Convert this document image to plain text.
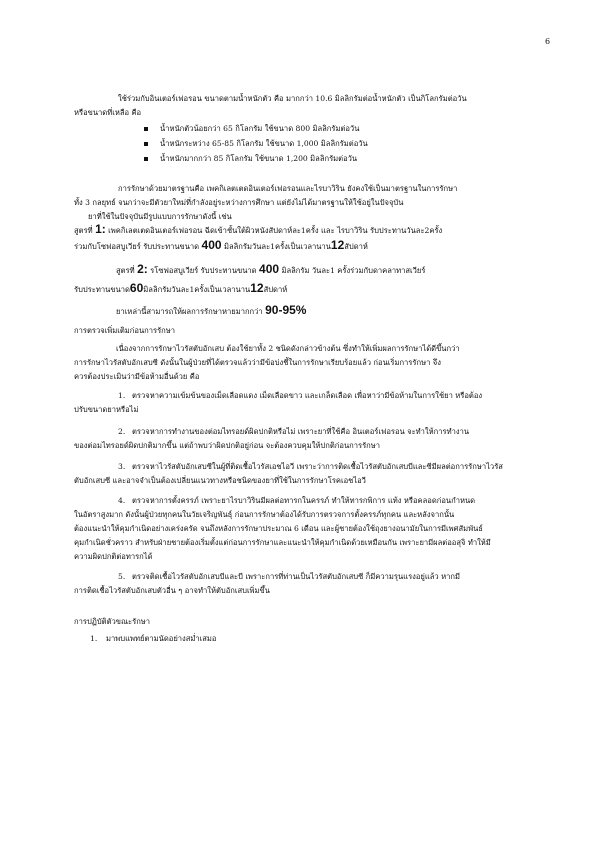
6
ใช้ร่วมกับอินเตอร์เฟอรอน ขนาดตามน้ำหนักตัว คือ มากกว่า 10.6 มิลลิกรัมต่อน้ำหนักตัว เป็นกิโลกรัมต่อวัน
หรือขนาดที่เหลือ คือ
น้ำหนักตัวน้อยกว่า 65 กิโลกรัม ใช้ขนาด 800 มิลลิกรัมต่อวัน
น้ำหนักระหว่าง 65-85 กิโลกรัม ใช้ขนาด 1,000 มิลลิกรัมต่อวัน
น้ำหนักมากกว่า 85 กิโลกรัม ใช้ขนาด 1,200 มิลลิกรัมต่อวัน
การรักษาด้วยมาตรฐานคือ เพคกิเลตเตดอินเตอร์เฟอรอนและไรบาวิริน ยังคงใช้เป็นมาตรฐานในการรักษา
ทั้ง 3 กลยุทธ์ จนกว่าจะมีตัวยาใหม่ที่กำลังอยู่ระหว่างการศึกษา แต่ยังไม่ได้มาตรฐานให้ใช้อยู่ในปัจจุบัน
ยาที่ใช้ในปัจจุบันมีรูปแบบการรักษาดังนี้ เช่น
สูตรที่ 1: เพคกิเลตเตดอินเตอร์เฟอรอน ฉีดเข้าชั้นใต้ผิวหนังสัปดาห์ละ1ครั้ง และ ไรบาวิริน รับประทานวันละ2ครั้ง
ร่วมกับโซฟอสบูเวียร์ รับประทานขนาด 400 มิลลิกรัมวันละ1ครั้งเป็นเวลานาน12สัปดาห์
สูตรที่ 2: รโซฟอสบูเวียร์ รับประทานขนาด 400 มิลลิกรัม วันละ1 ครั้งร่วมกับดาคลาทาสเวียร์
รับประทานขนาด60มิลลิกรัมวันละ1ครั้งเป็นเวลานาน12สัปดาห์
ยาเหล่านี้สามารถให้ผลการรักษาหายมากกว่า 90-95%
การตรวจเพิ่มเติมก่อนการรักษา
เนื่องจากการรักษาไวรัสตับอักเสบ ต้องใช้ยาทั้ง 2 ชนิดดังกล่าวข้างต้น ซึ่งทำให้เพิ่มผลการรักษาได้ดีขึ้นกว่า
การรักษาไวรัสตับอักเสบซี ดังนั้นในผู้ป่วยที่ได้ตรวจแล้วว่ามีข้อบ่งชี้ในการรักษาเรียบร้อยแล้ว ก่อนเริ่มการรักษา จึง
ควรต้องประเมินว่ามีข้อห้ามอื่นด้วย คือ
1. ตรวจหาความเข้มข้นของเม็ดเลือดแดง เม็ดเลือดขาว และเกล็ดเลือด เพื่อหาว่ามีข้อห้ามในการใช้ยา หรือต้อง
ปรับขนาดยาหรือไม่
2. ตรวจหาการทำงานของต่อมไทรอยด์ผิดปกติหรือไม่ เพราะยาที่ใช้คือ อินเตอร์เฟอรอน จะทำให้การทำงาน
ของต่อมไทรอยด์ผิดปกติมากขึ้น แต่ถ้าพบว่าผิดปกติอยู่ก่อน จะต้องควบคุมให้ปกติก่อนการรักษา
3. ตรวจหาไวรัสตับอักเสบซีในผู้ที่ติดเชื้อไวรัสเอชไอวี เพราะว่าการติดเชื้อไวรัสตับอักเสบบีและซีมีผลต่อการรักษาไวรัส
ตับอักเสบซี และอาจจำเป็นต้องเปลี่ยนแนวทางหรือชนิดของยาที่ใช้ในการรักษาโรคเอชไอวี
4. ตรวจหาการตั้งครรภ์ เพราะยาไรบาวิรินมีผลต่อทารกในครรภ์ ทำให้ทารกพิการ แท้ง หรือคลอดก่อนกำหนด
ในอัตราสูงมาก ดังนั้นผู้ป่วยทุกคนในวัยเจริญพันธุ์ ก่อนการรักษาต้องได้รับการตรวจการตั้งครรภ์ทุกคน และหลังจากนั้น
ต้องแนะนำให้คุมกำเนิดอย่างเคร่งครัด จนถึงหลังการรักษาประมาณ 6 เดือน และผู้ชายต้องใช้ถุงยางอนามัยในการมีเพศสัมพันธ์
คุมกำเนิดชั่วคราว สำหรับฝ่ายชายต้องเริ่มตั้งแต่ก่อนการรักษาและแนะนำให้คุมกำเนิดด้วยเหมือนกัน เพราะยามีผลต่ออสุจิ ทำให้มี
ความผิดปกติต่อทารกได้
5. ตรวจติดเชื้อไวรัสตับอักเสบบีและบี เพราะการที่ท่านเป็นไวรัสตับอักเสบซี ก็มีความรุนแรงอยู่แล้ว หากมี
การติดเชื้อไวรัสตับอักเสบตัวอื่น ๆ อาจทำให้ตับอักเสบเพิ่มขึ้น
การปฏิบัติตัวขณะรักษา
1. มาพบแพทย์ตามนัดอย่างสม่ำเสมอ
